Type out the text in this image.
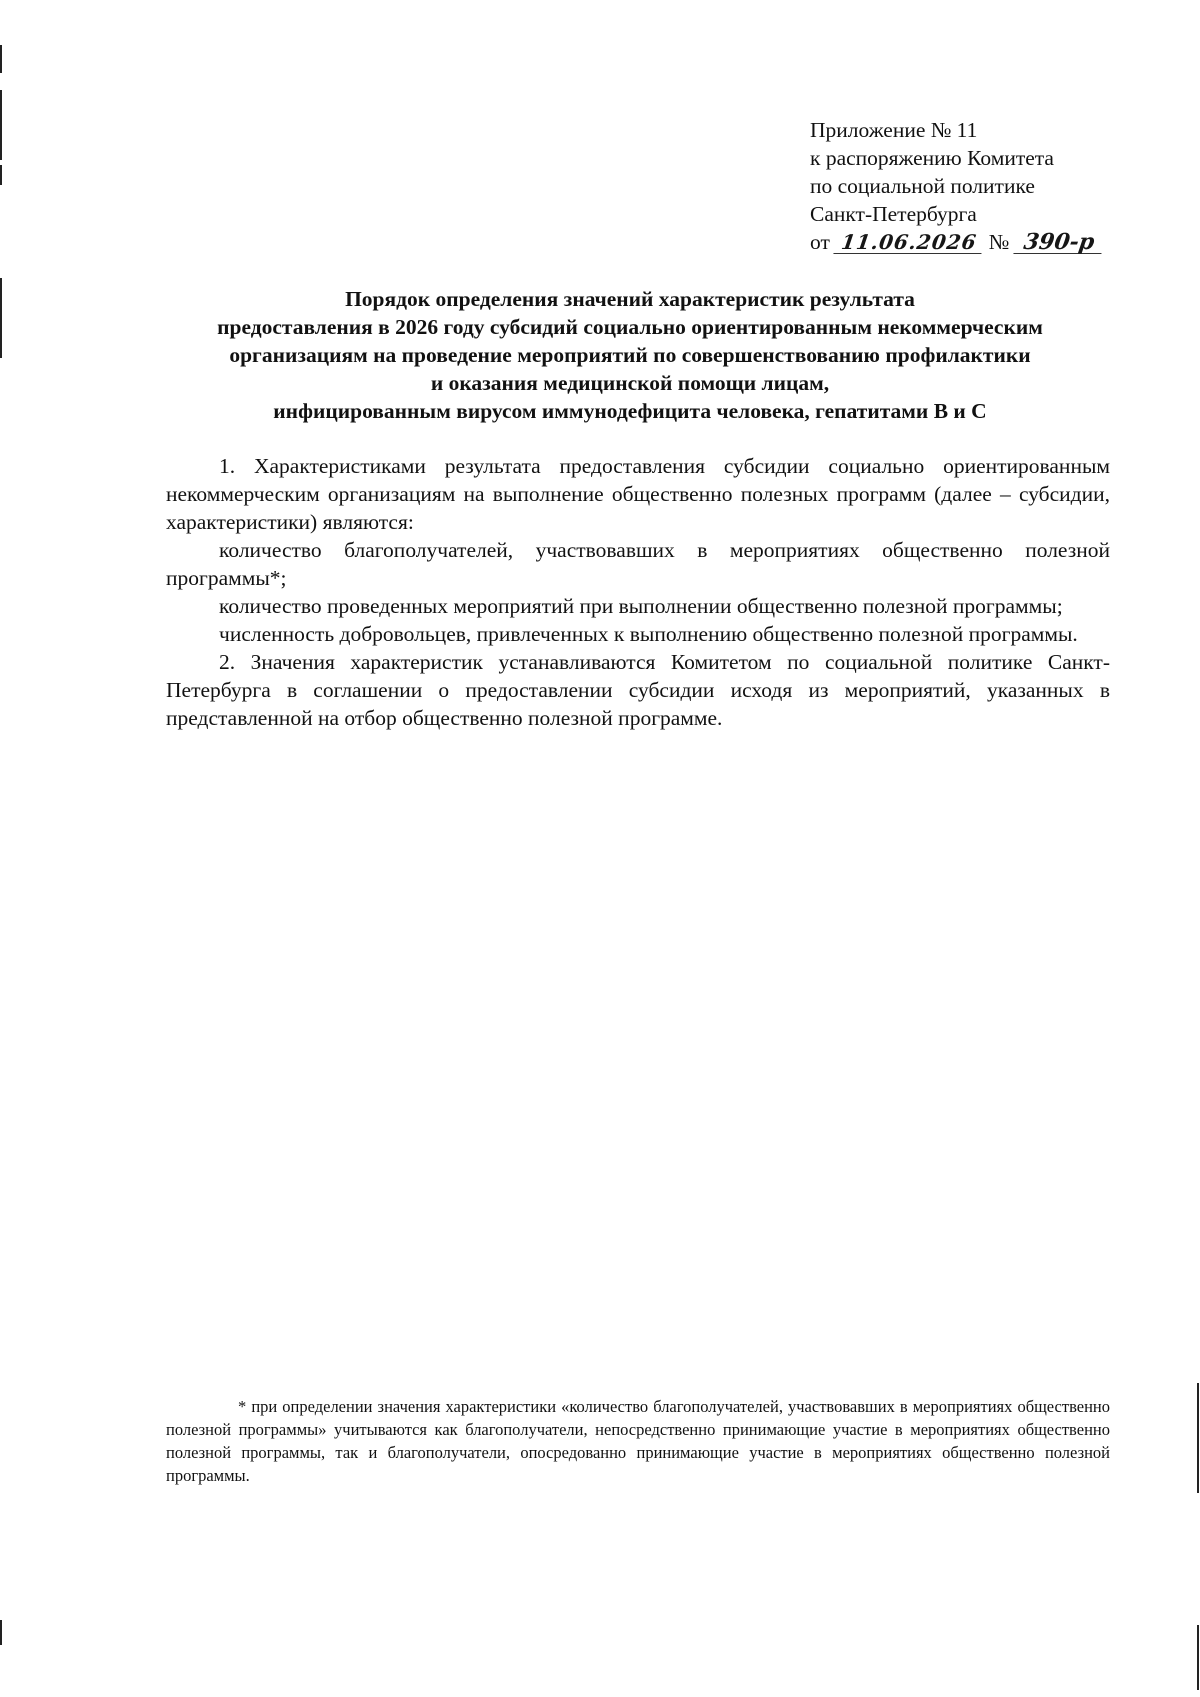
Приложение № 11
к распоряжению Комитета
по социальной политике
Санкт-Петербурга
от 11.06.2026 № 390-р
Порядок определения значений характеристик результата
предоставления в 2026 году субсидий социально ориентированным некоммерческим
организациям на проведение мероприятий по совершенствованию профилактики
и оказания медицинской помощи лицам,
инфицированным вирусом иммунодефицита человека, гепатитами В и С

1. Характеристиками результата предоставления субсидии социально ориентированным некоммерческим организациям на выполнение общественно полезных программ (далее – субсидии, характеристики) являются:

количество благополучателей, участвовавших в мероприятиях общественно полезной программы*;

количество проведенных мероприятий при выполнении общественно полезной программы;

численность добровольцев, привлеченных к выполнению общественно полезной программы.

2. Значения характеристик устанавливаются Комитетом по социальной политике Санкт-Петербурга в соглашении о предоставлении субсидии исходя из мероприятий, указанных в представленной на отбор общественно полезной программе.

* при определении значения характеристики «количество благополучателей, участвовавших в мероприятиях общественно полезной программы» учитываются как благополучатели, непосредственно принимающие участие в мероприятиях общественно полезной программы, так и благополучатели, опосредованно принимающие участие в мероприятиях общественно полезной программы.
